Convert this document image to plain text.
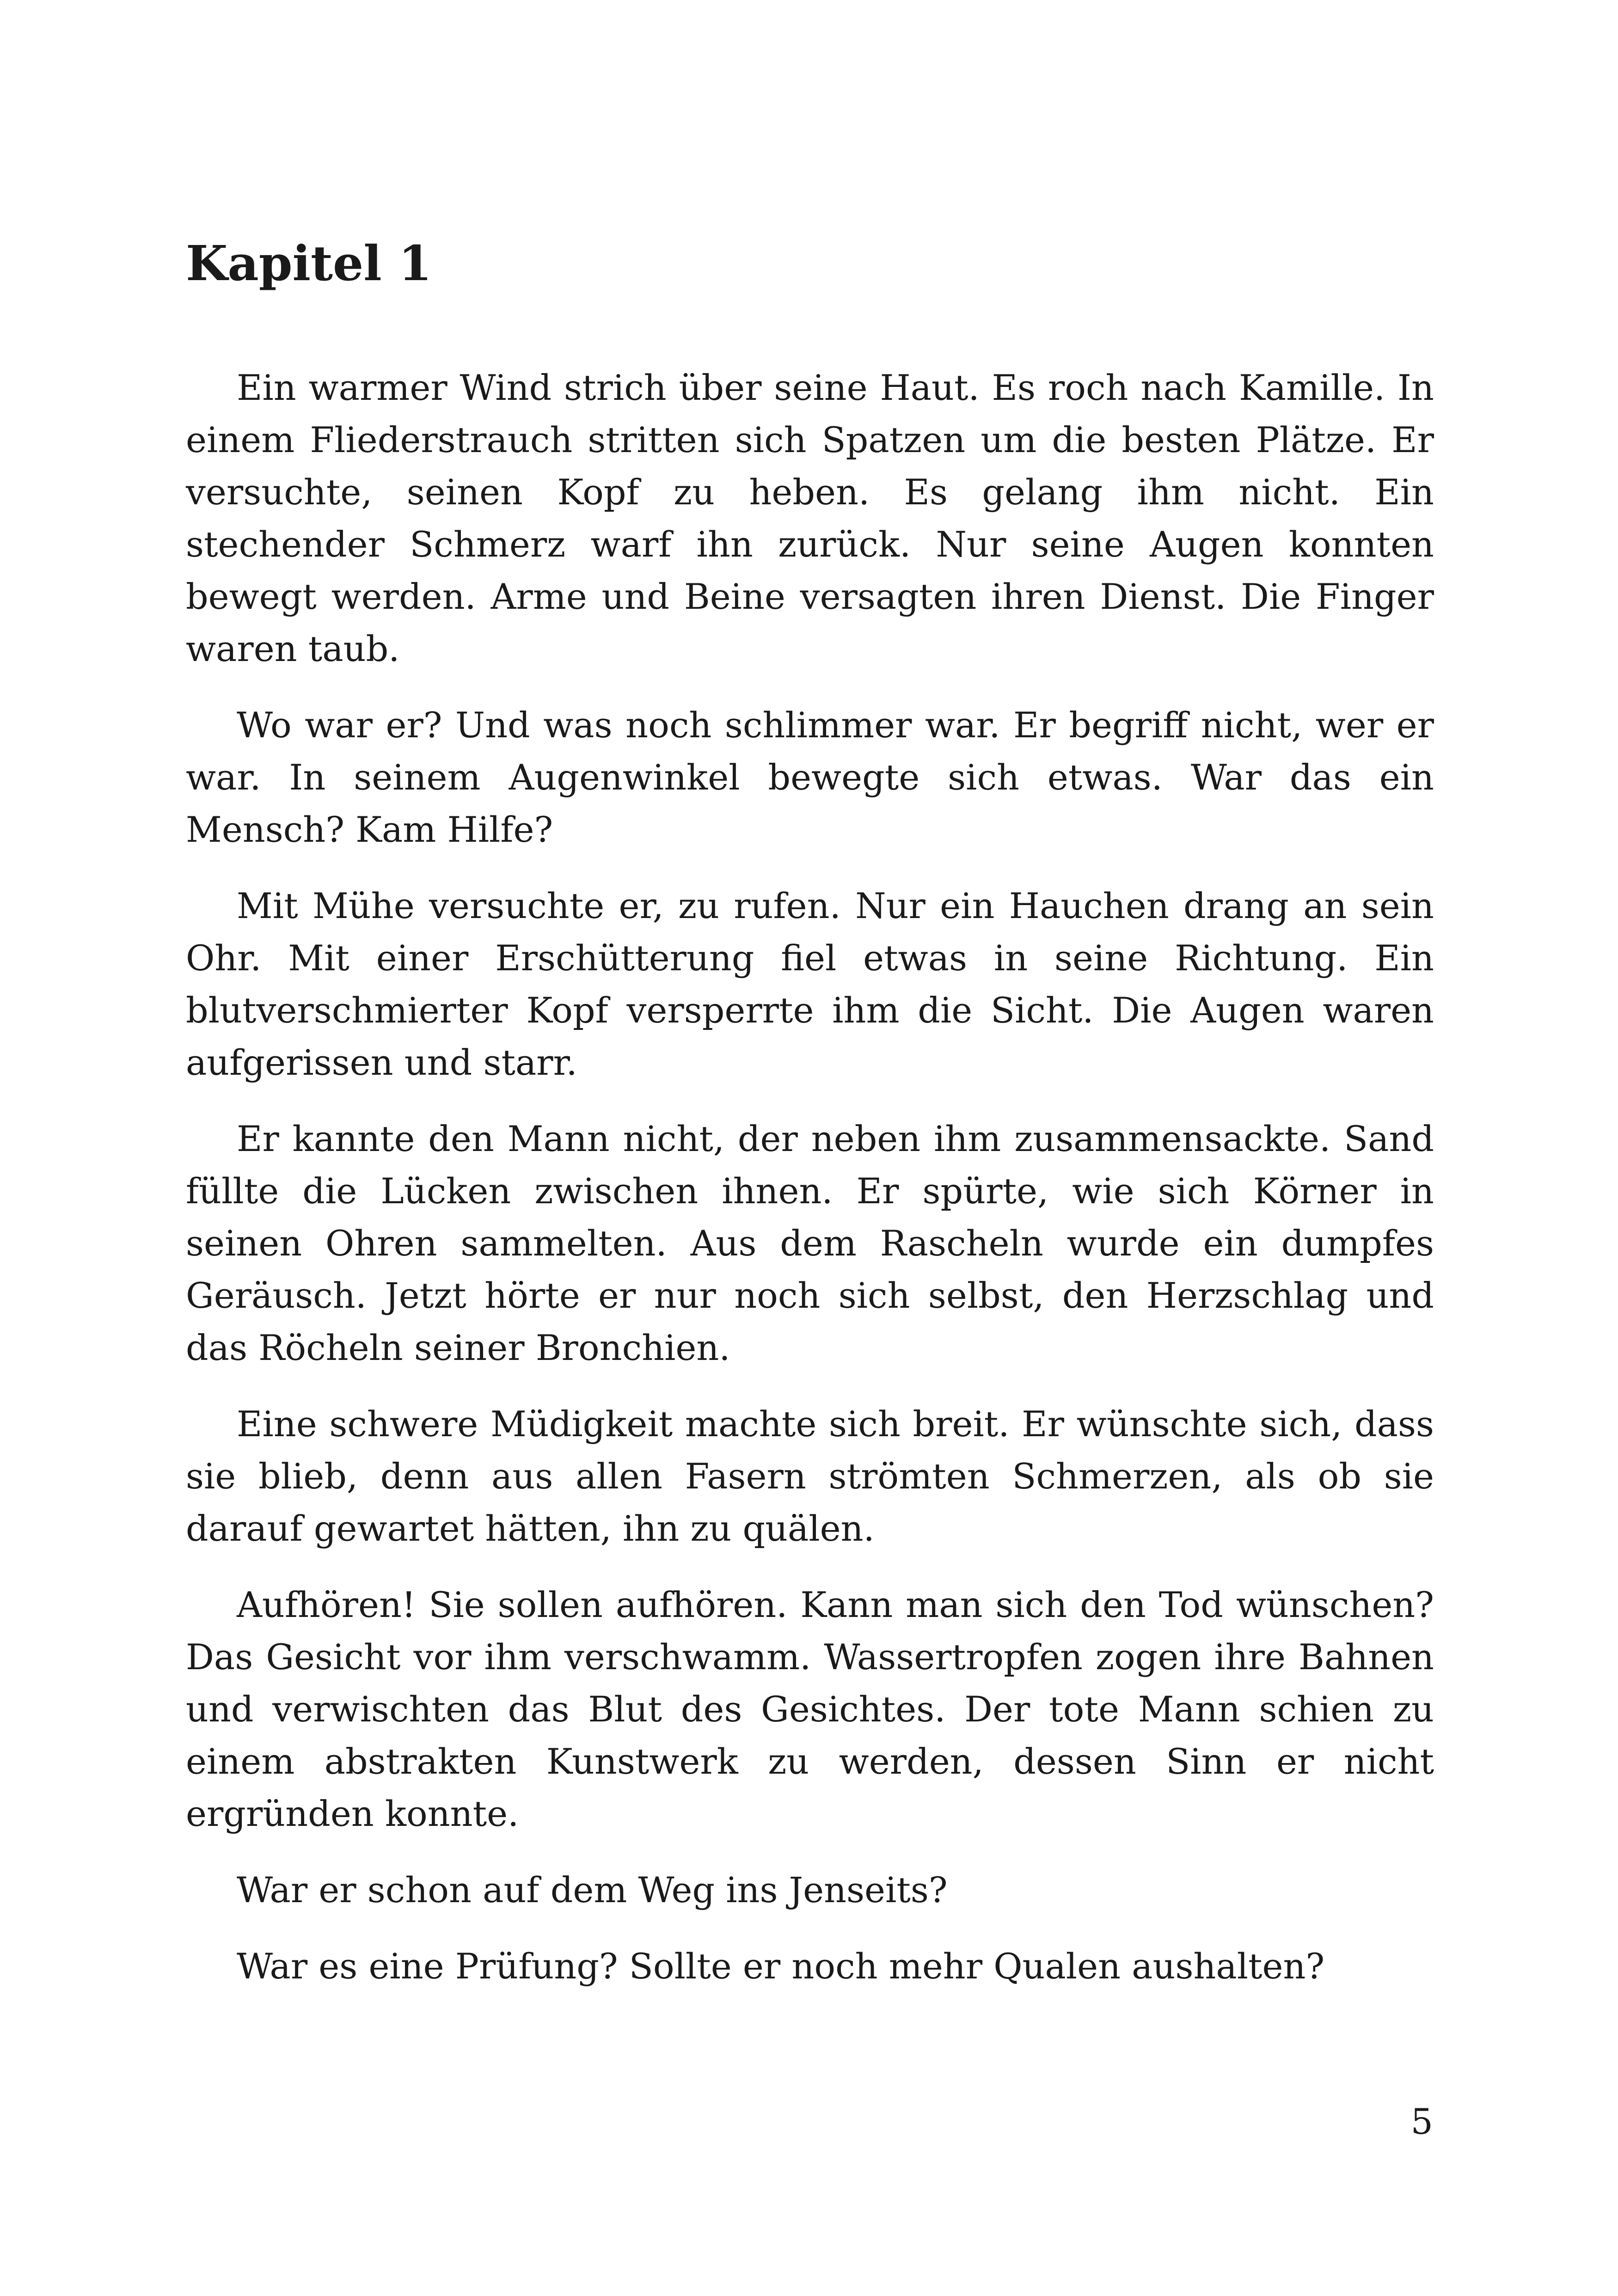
Kapitel 1

Ein warmer Wind strich über seine Haut. Es roch nach Kamille. In einem Fliederstrauch stritten sich Spatzen um die besten Plätze. Er versuchte, seinen Kopf zu heben. Es gelang ihm nicht. Ein stechender Schmerz warf ihn zurück. Nur seine Augen konnten bewegt werden. Arme und Beine versagten ihren Dienst. Die Finger waren taub.

Wo war er? Und was noch schlimmer war. Er begriff nicht, wer er war. In seinem Augenwinkel bewegte sich etwas. War das ein Mensch? Kam Hilfe?

Mit Mühe versuchte er, zu rufen. Nur ein Hauchen drang an sein Ohr. Mit einer Erschütterung fiel etwas in seine Richtung. Ein blutverschmierter Kopf versperrte ihm die Sicht. Die Augen waren aufgerissen und starr.

Er kannte den Mann nicht, der neben ihm zusammensackte. Sand füllte die Lücken zwischen ihnen. Er spürte, wie sich Körner in seinen Ohren sammelten. Aus dem Rascheln wurde ein dumpfes Geräusch. Jetzt hörte er nur noch sich selbst, den Herzschlag und das Röcheln seiner Bronchien.

Eine schwere Müdigkeit machte sich breit. Er wünschte sich, dass sie blieb, denn aus allen Fasern strömten Schmerzen, als ob sie darauf gewartet hätten, ihn zu quälen.

Aufhören! Sie sollen aufhören. Kann man sich den Tod wünschen? Das Gesicht vor ihm verschwamm. Wassertropfen zogen ihre Bahnen und verwischten das Blut des Gesichtes. Der tote Mann schien zu einem abstrakten Kunstwerk zu werden, dessen Sinn er nicht ergründen konnte.

War er schon auf dem Weg ins Jenseits?

War es eine Prüfung? Sollte er noch mehr Qualen aushalten?

5
